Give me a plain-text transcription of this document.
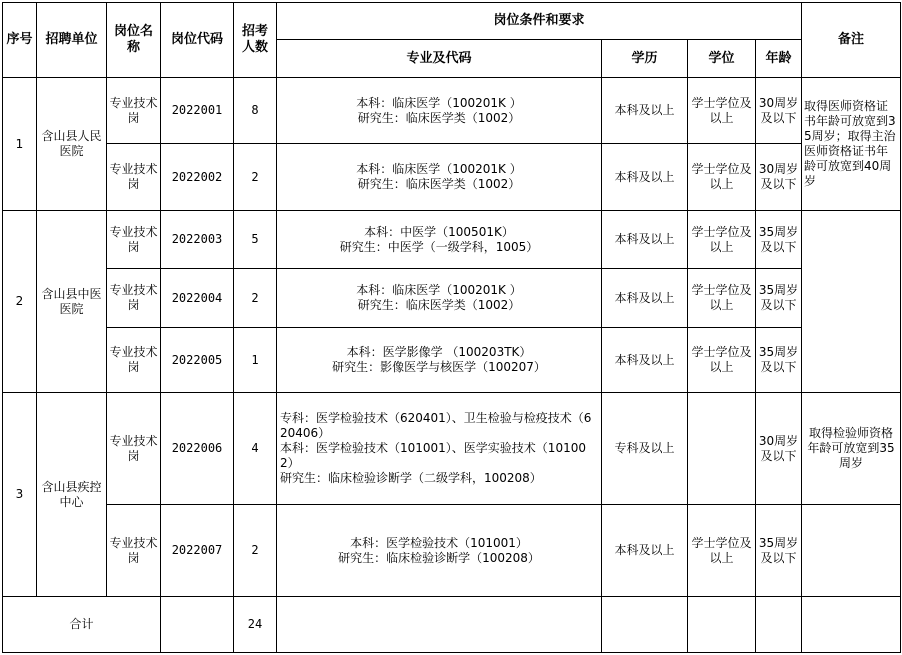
序号	招聘单位	岗位名称	岗位代码	招考人数	岗位条件和要求				备注
					专业及代码	学历	学位	年龄	
1	含山县人民医院	专业技术岗	2022001	8	本科：临床医学（100201K ）
研究生：临床医学类（1002）	本科及以上	学士学位及以上	30周岁及以下	取得医师资格证书年龄可放宽到35周岁；取得主治医师资格证书年龄可放宽到40周岁
		专业技术岗	2022002	2	本科：临床医学（100201K ）
研究生：临床医学类（1002）	本科及以上	学士学位及以上	30周岁及以下	
2	含山县中医医院	专业技术岗	2022003	5	本科：中医学（100501K）
研究生：中医学（一级学科，1005）	本科及以上	学士学位及以上	35周岁及以下	
		专业技术岗	2022004	2	本科：临床医学（100201K ）
研究生：临床医学类（1002）	本科及以上	学士学位及以上	35周岁及以下	
		专业技术岗	2022005	1	本科：医学影像学 （100203TK）
研究生：影像医学与核医学（100207）	本科及以上	学士学位及以上	35周岁及以下	
3	含山县疾控中心	专业技术岗	2022006	4	专科：医学检验技术（620401）、卫生检验与检疫技术（620406）
本科：医学检验技术（101001）、医学实验技术（101002）
研究生：临床检验诊断学（二级学科，100208）	专科及以上		30周岁及以下	取得检验师资格年龄可放宽到35周岁
		专业技术岗	2022007	2	本科：医学检验技术（101001）
研究生：临床检验诊断学（100208）	本科及以上	学士学位及以上	35周岁及以下	
合计				24					
